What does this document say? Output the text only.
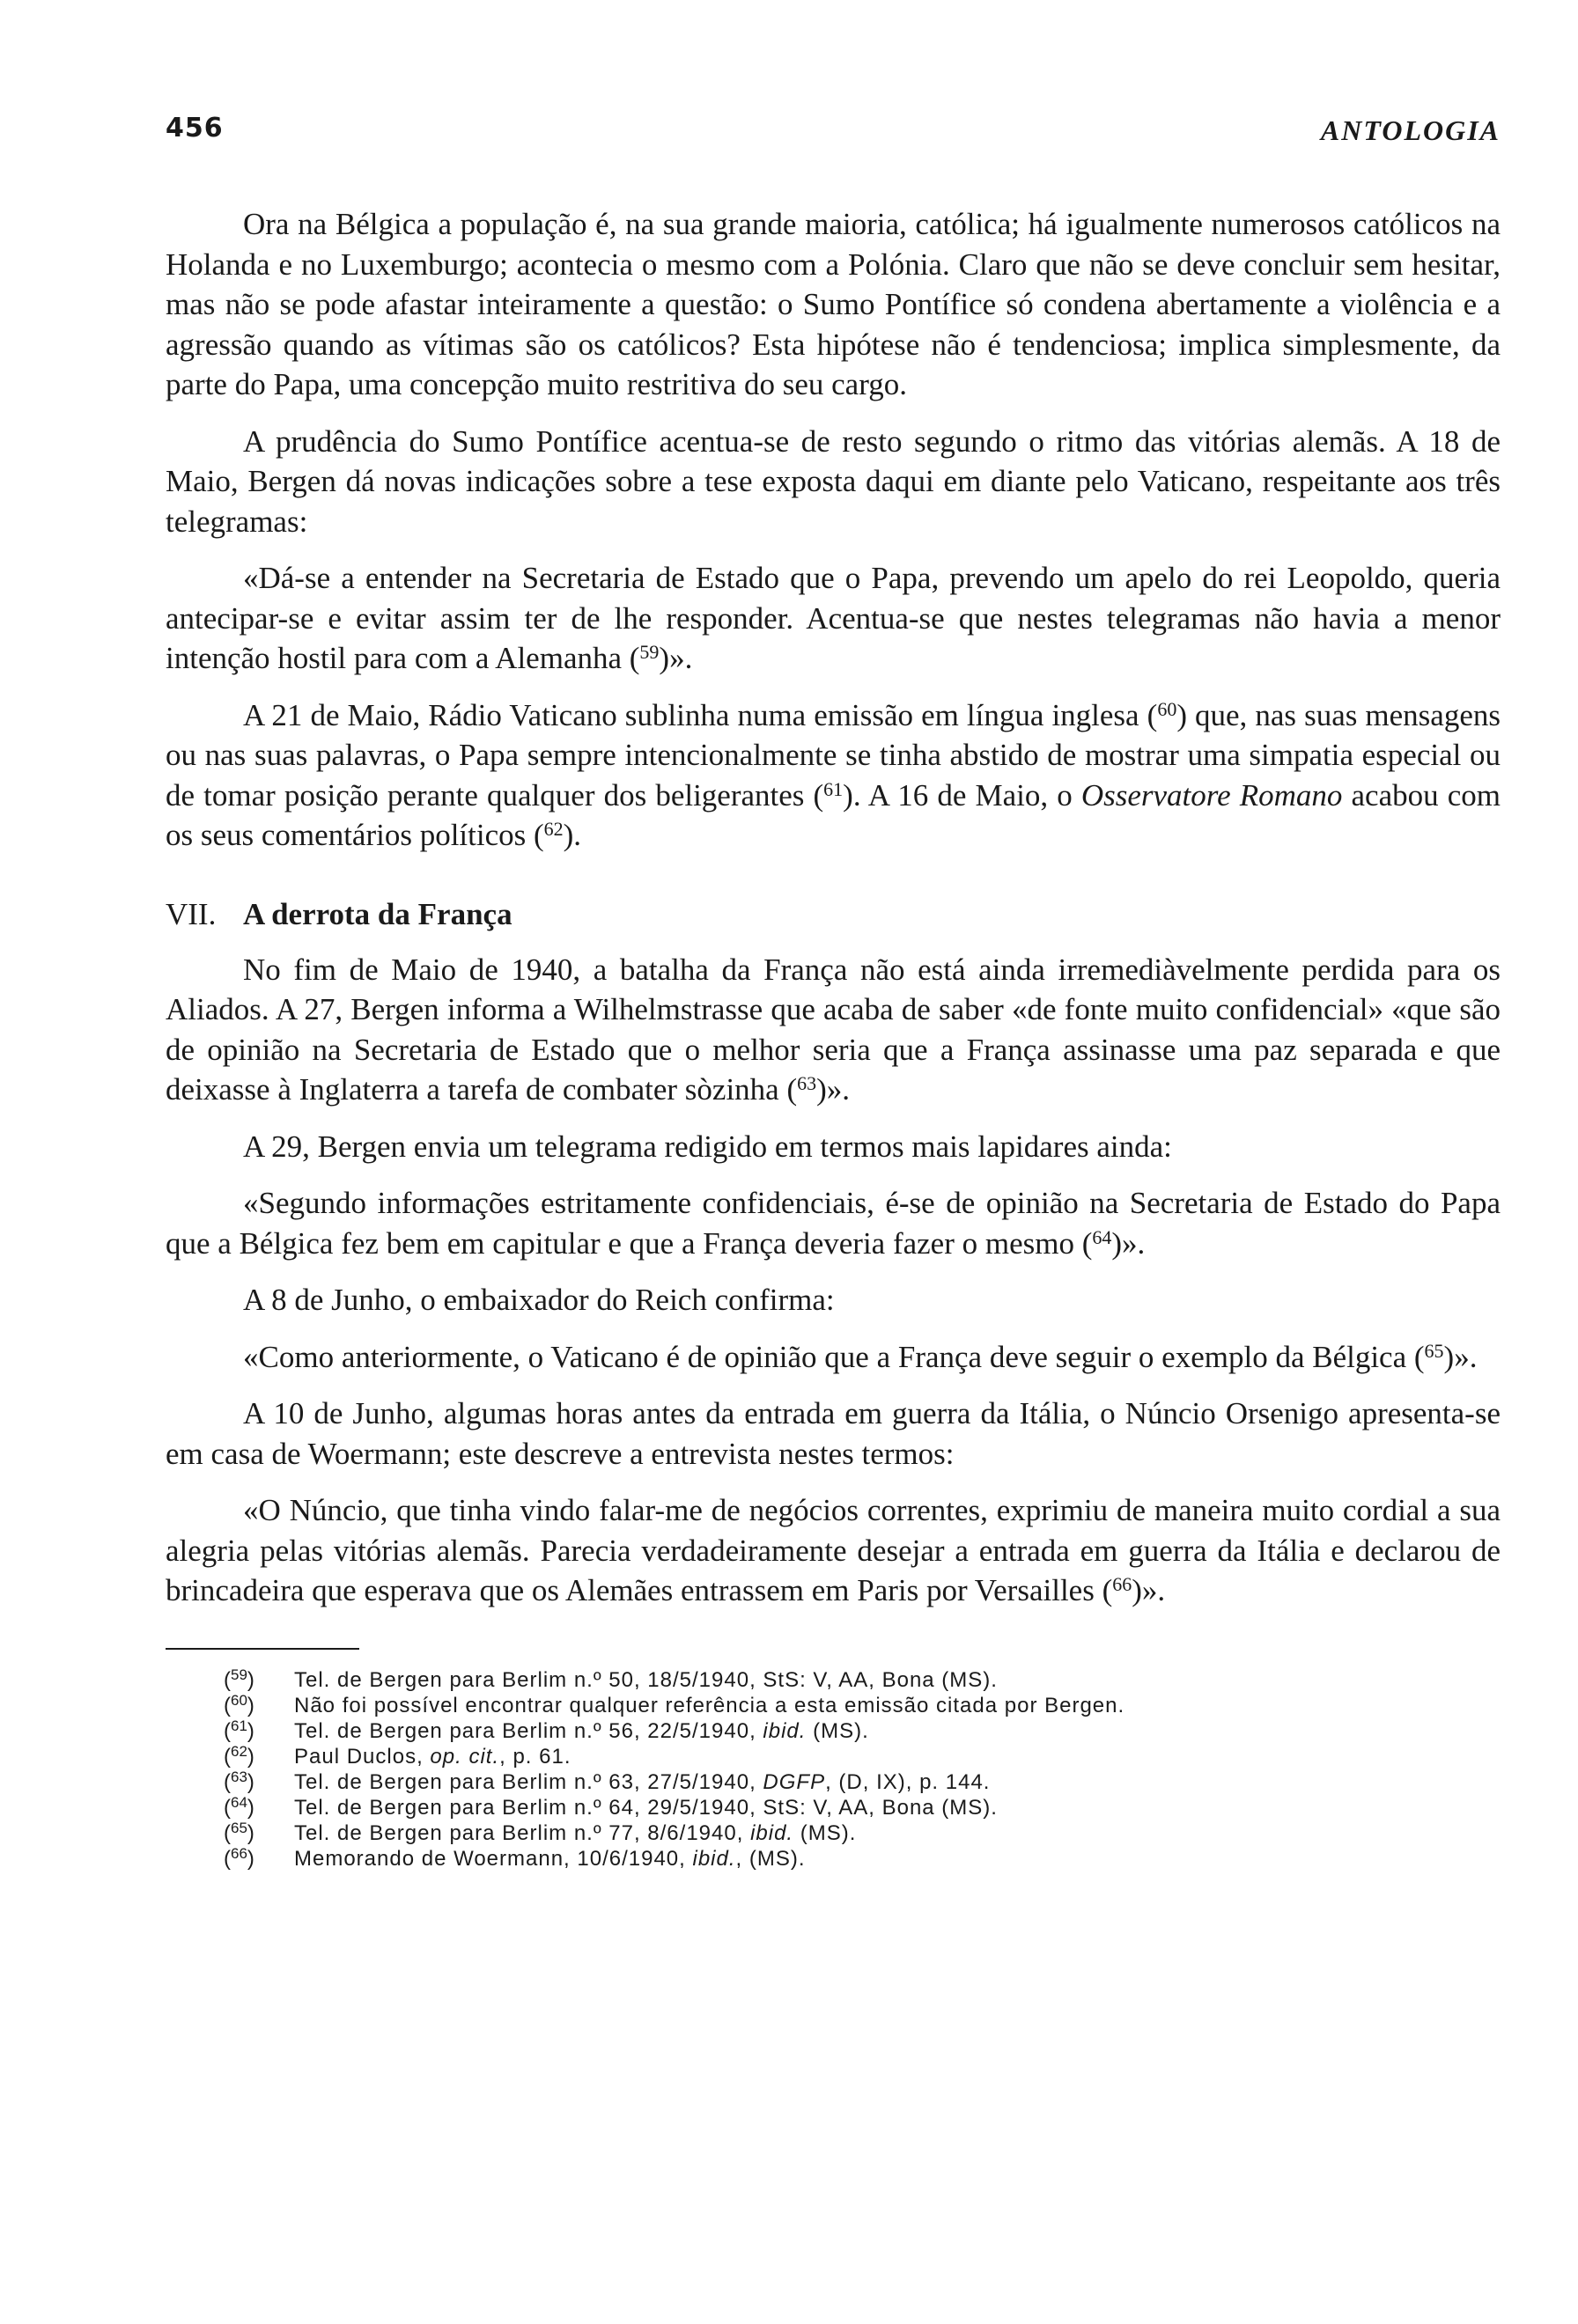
456	ANTOLOGIA

Ora na Bélgica a população é, na sua grande maioria, católica; há igualmente numerosos católicos na Holanda e no Luxemburgo; acontecia o mesmo com a Polónia. Claro que não se deve concluir sem hesitar, mas não se pode afastar inteiramente a questão: o Sumo Pontífice só condena abertamente a violência e a agressão quando as vítimas são os católicos? Esta hipótese não é tendenciosa; implica simplesmente, da parte do Papa, uma concepção muito restritiva do seu cargo.

A prudência do Sumo Pontífice acentua-se de resto segundo o ritmo das vitórias alemãs. A 18 de Maio, Bergen dá novas indicações sobre a tese exposta daqui em diante pelo Vaticano, respeitante aos três telegramas:

«Dá-se a entender na Secretaria de Estado que o Papa, prevendo um apelo do rei Leopoldo, queria antecipar-se e evitar assim ter de lhe responder. Acentua-se que nestes telegramas não havia a menor intenção hostil para com a Alemanha ($^{59}$)».

A 21 de Maio, Rádio Vaticano sublinha numa emissão em língua inglesa ($^{60}$) que, nas suas mensagens ou nas suas palavras, o Papa sempre intencionalmente se tinha abstido de mostrar uma simpatia especial ou de tomar posição perante qualquer dos beligerantes ($^{61}$). A 16 de Maio, o Osservatore Romano acabou com os seus comentários políticos ($^{62}$).

VII. A derrota da França

No fim de Maio de 1940, a batalha da França não está ainda irremediàvelmente perdida para os Aliados. A 27, Bergen informa a Wilhelmstrasse que acaba de saber «de fonte muito confidencial» «que são de opinião na Secretaria de Estado que o melhor seria que a França assinasse uma paz separada e que deixasse à Inglaterra a tarefa de combater sòzinha ($^{63}$)».

A 29, Bergen envia um telegrama redigido em termos mais lapidares ainda:

«Segundo informações estritamente confidenciais, é-se de opinião na Secretaria de Estado do Papa que a Bélgica fez bem em capitular e que a França deveria fazer o mesmo ($^{64}$)».

A 8 de Junho, o embaixador do Reich confirma:

«Como anteriormente, o Vaticano é de opinião que a França deve seguir o exemplo da Bélgica ($^{65}$)».

A 10 de Junho, algumas horas antes da entrada em guerra da Itália, o Núncio Orsenigo apresenta-se em casa de Woermann; este descreve a entrevista nestes termos:

«O Núncio, que tinha vindo falar-me de negócios correntes, exprimiu de maneira muito cordial a sua alegria pelas vitórias alemãs. Parecia verdadeiramente desejar a entrada em guerra da Itália e declarou de brincadeira que esperava que os Alemães entrassem em Paris por Versailles ($^{66}$)».

($^{59}$)	Tel. de Bergen para Berlim n.º 50, 18/5/1940, StS: V, AA, Bona (MS).
($^{60}$)	Não foi possível encontrar qualquer referência a esta emissão citada por Bergen.
($^{61}$)	Tel. de Bergen para Berlim n.º 56, 22/5/1940, ibid. (MS).
($^{62}$)	Paul Duclos, op. cit., p. 61.
($^{63}$)	Tel. de Bergen para Berlim n.º 63, 27/5/1940, DGFP, (D, IX), p. 144.
($^{64}$)	Tel. de Bergen para Berlim n.º 64, 29/5/1940, StS: V, AA, Bona (MS).
($^{65}$)	Tel. de Bergen para Berlim n.º 77, 8/6/1940, ibid. (MS).
($^{66}$)	Memorando de Woermann, 10/6/1940, ibid., (MS).
